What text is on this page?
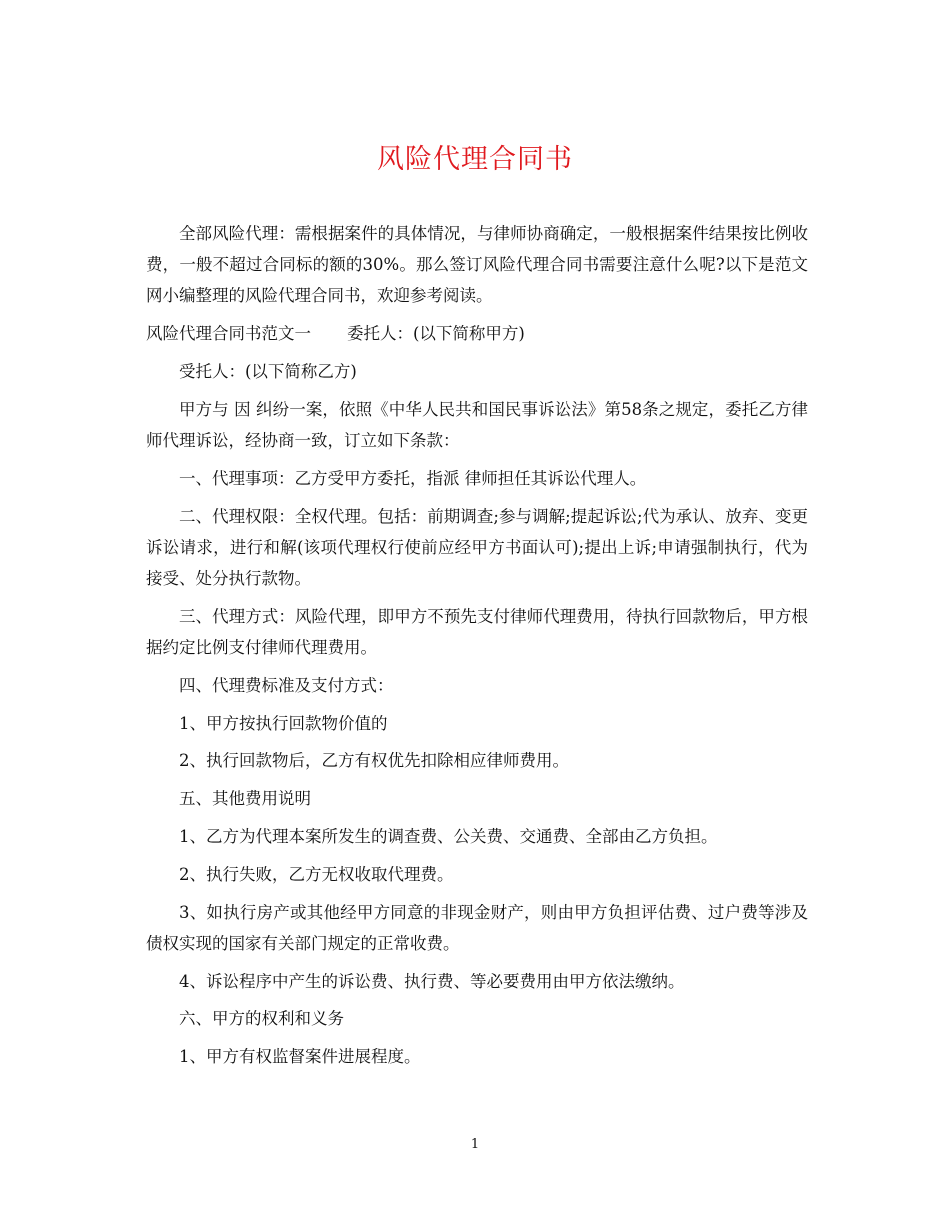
风险代理合同书

全部风险代理：需根据案件的具体情况，与律师协商确定，一般根据案件结果按比例收费，一般不超过合同标的额的30%。那么签订风险代理合同书需要注意什么呢?以下是范文网小编整理的风险代理合同书，欢迎参考阅读。

风险代理合同书范文一 委托人：(以下简称甲方)

受托人：(以下简称乙方)

甲方与 因 纠纷一案，依照《中华人民共和国民事诉讼法》第58条之规定，委托乙方律师代理诉讼，经协商一致，订立如下条款：

一、代理事项：乙方受甲方委托，指派 律师担任其诉讼代理人。

二、代理权限：全权代理。包括：前期调查;参与调解;提起诉讼;代为承认、放弃、变更诉讼请求，进行和解(该项代理权行使前应经甲方书面认可);提出上诉;申请强制执行，代为接受、处分执行款物。

三、代理方式：风险代理，即甲方不预先支付律师代理费用，待执行回款物后，甲方根据约定比例支付律师代理费用。

四、代理费标准及支付方式：

1、甲方按执行回款物价值的

2、执行回款物后，乙方有权优先扣除相应律师费用。

五、其他费用说明

1、乙方为代理本案所发生的调查费、公关费、交通费、全部由乙方负担。

2、执行失败，乙方无权收取代理费。

3、如执行房产或其他经甲方同意的非现金财产，则由甲方负担评估费、过户费等涉及债权实现的国家有关部门规定的正常收费。

4、诉讼程序中产生的诉讼费、执行费、等必要费用由甲方依法缴纳。

六、甲方的权利和义务

1、甲方有权监督案件进展程度。

1
